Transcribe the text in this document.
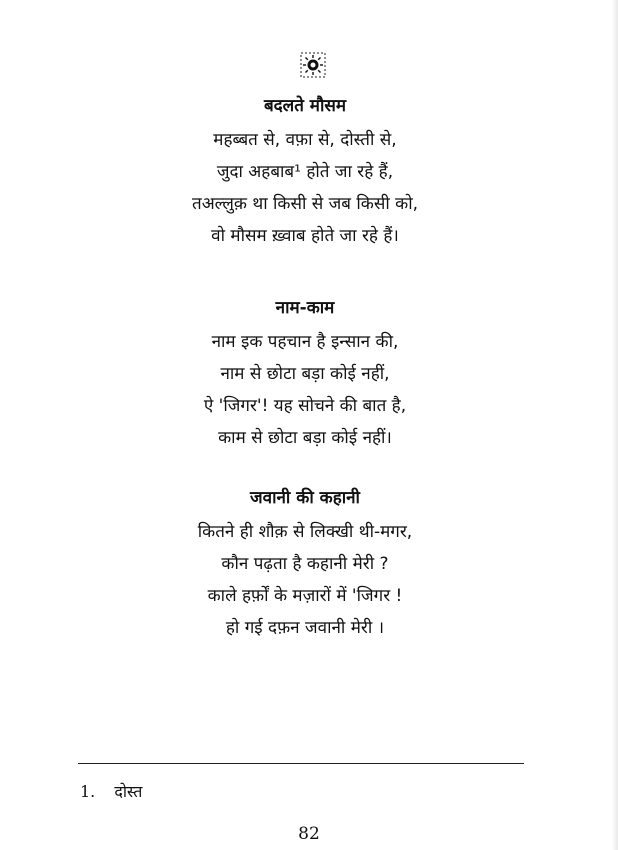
बदलते मौसम
महब्बत से, वफ़ा से, दोस्ती से,
जुदा अहबाब¹ होते जा रहे हैं,
तअल्लुक़ था किसी से जब किसी को,
वो मौसम ख़्वाब होते जा रहे हैं।
नाम-काम
नाम इक पहचान है इन्सान की,
नाम से छोटा बड़ा कोई नहीं,
ऐ 'जिगर'! यह सोचने की बात है,
काम से छोटा बड़ा कोई नहीं।
जवानी की कहानी
कितने ही शौक़ से लिक्खी थी-मगर,
कौन पढ़ता है कहानी मेरी ?
काले हर्फ़ों के मज़ारों में 'जिगर !
हो गई दफ़न जवानी मेरी ।
1. दोस्त
82
